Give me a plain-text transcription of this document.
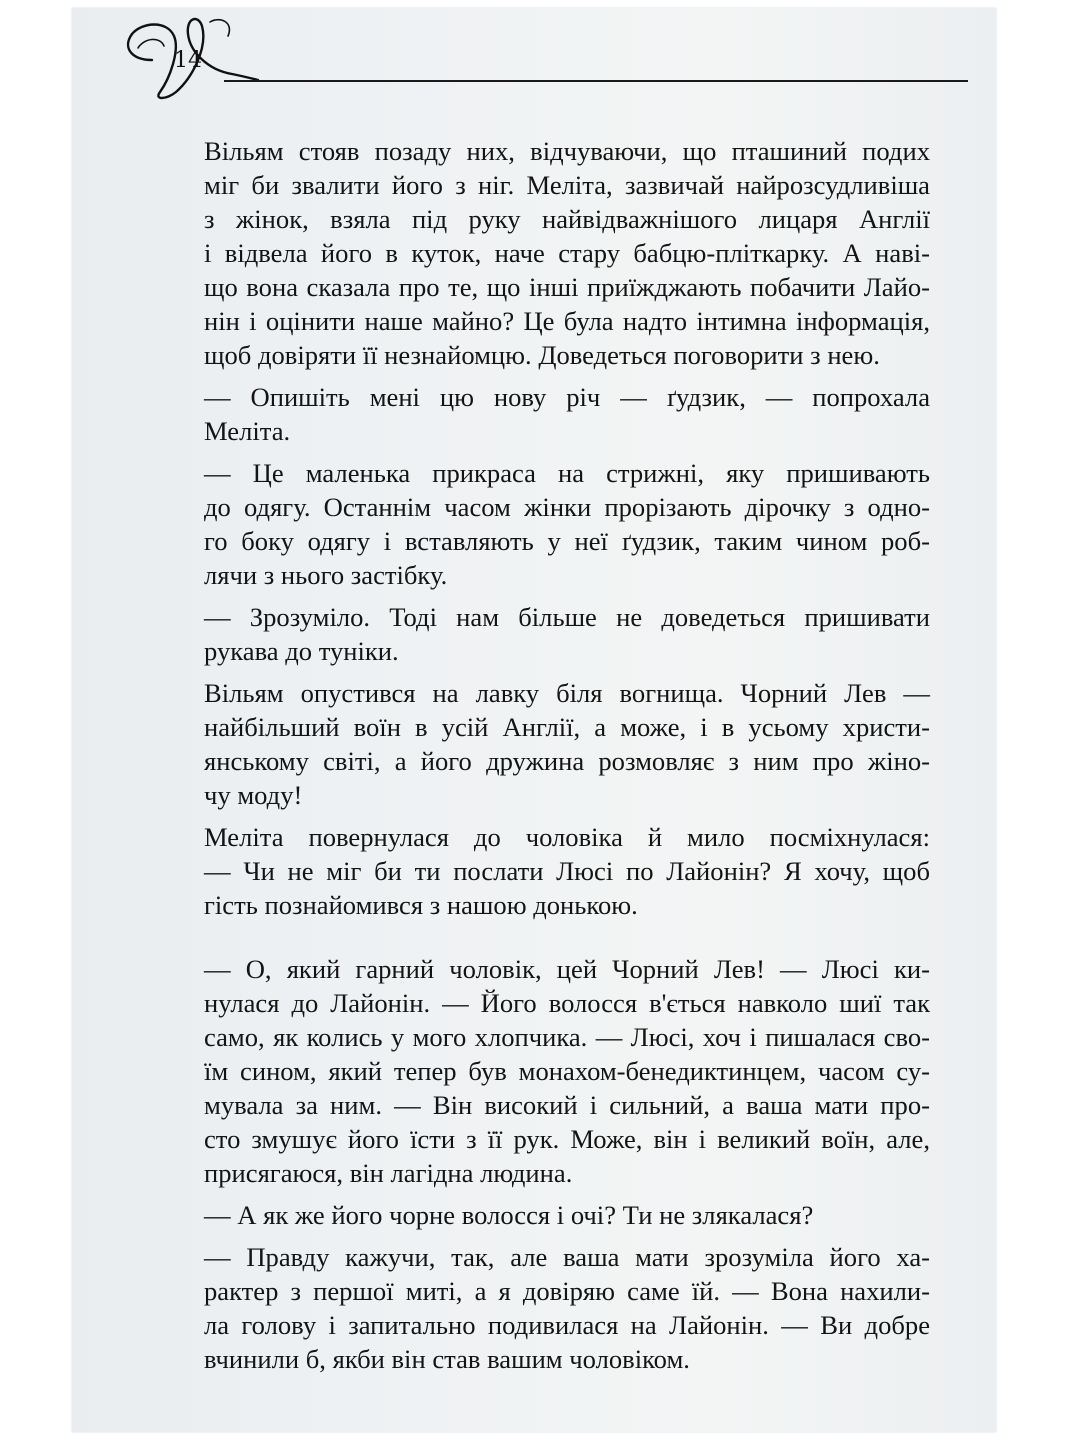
14
Вільям стояв позаду них, відчуваючи, що пташиний подих
міг би звалити його з ніг. Меліта, зазвичай найрозсудливіша
з жінок, взяла під руку найвідважнішого лицаря Англії
і відвела його в куток, наче стару бабцю-пліткарку. А наві-
що вона сказала про те, що інші приїжджають побачити Лайо-
нін і оцінити наше майно? Це була надто інтимна інформація,
щоб довіряти її незнайомцю. Доведеться поговорити з нею.
— Опишіть мені цю нову річ — ґудзик, — попрохала
Меліта.
— Це маленька прикраса на стрижні, яку пришивають
до одягу. Останнім часом жінки прорізають дірочку з одно-
го боку одягу і вставляють у неї ґудзик, таким чином роб-
лячи з нього застібку.
— Зрозуміло. Тоді нам більше не доведеться пришивати
рукава до туніки.
Вільям опустився на лавку біля вогнища. Чорний Лев —
найбільший воїн в усій Англії, а може, і в усьому христи-
янському світі, а його дружина розмовляє з ним про жіно-
чу моду!
Меліта повернулася до чоловіка й мило посміхнулася:
— Чи не міг би ти послати Люсі по Лайонін? Я хочу, щоб
гість познайомився з нашою донькою.
— О, який гарний чоловік, цей Чорний Лев! — Люсі ки-
нулася до Лайонін. — Його волосся в'ється навколо шиї так
само, як колись у мого хлопчика. — Люсі, хоч і пишалася сво-
їм сином, який тепер був монахом-бенедиктинцем, часом су-
мувала за ним. — Він високий і сильний, а ваша мати про-
сто змушує його їсти з її рук. Може, він і великий воїн, але,
присягаюся, він лагідна людина.
— А як же його чорне волосся і очі? Ти не злякалася?
— Правду кажучи, так, але ваша мати зрозуміла його ха-
рактер з першої миті, а я довіряю саме їй. — Вона нахили-
ла голову і запитально подивилася на Лайонін. — Ви добре
вчинили б, якби він став вашим чоловіком.
